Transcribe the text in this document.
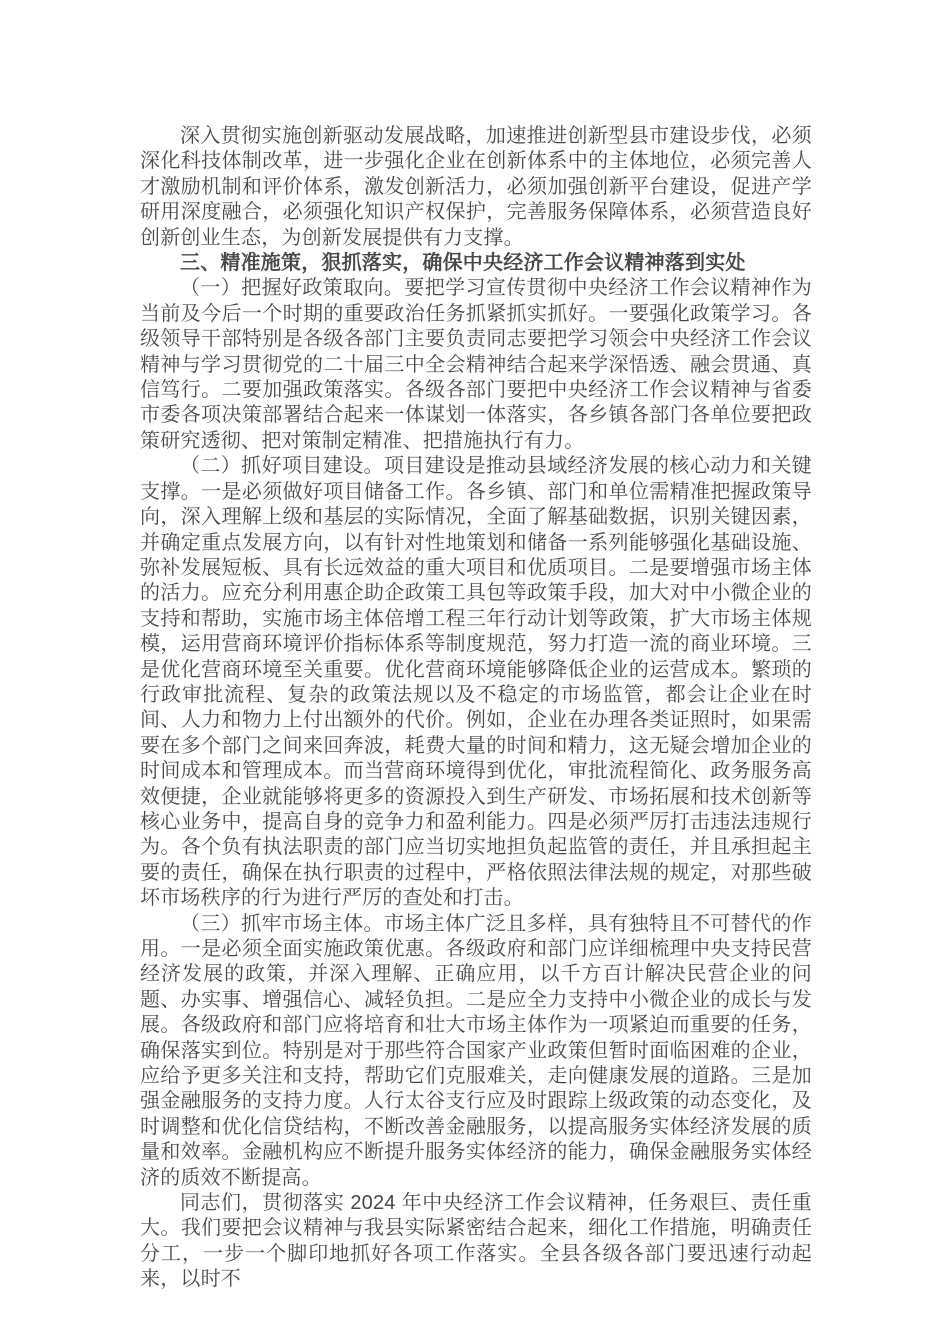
深入贯彻实施创新驱动发展战略，加速推进创新型县市建设步伐，必须深化科技体制改革，进一步强化企业在创新体系中的主体地位，必须完善人才激励机制和评价体系，激发创新活力，必须加强创新平台建设，促进产学研用深度融合，必须强化知识产权保护，完善服务保障体系，必须营造良好创新创业生态，为创新发展提供有力支撑。

三、精准施策，狠抓落实，确保中央经济工作会议精神落到实处

（一）把握好政策取向。要把学习宣传贯彻中央经济工作会议精神作为当前及今后一个时期的重要政治任务抓紧抓实抓好。一要强化政策学习。各级领导干部特别是各级各部门主要负责同志要把学习领会中央经济工作会议精神与学习贯彻党的二十届三中全会精神结合起来学深悟透、融会贯通、真信笃行。二要加强政策落实。各级各部门要把中央经济工作会议精神与省委市委各项决策部署结合起来一体谋划一体落实，各乡镇各部门各单位要把政策研究透彻、把对策制定精准、把措施执行有力。

（二）抓好项目建设。项目建设是推动县域经济发展的核心动力和关键支撑。一是必须做好项目储备工作。各乡镇、部门和单位需精准把握政策导向，深入理解上级和基层的实际情况，全面了解基础数据，识别关键因素，并确定重点发展方向，以有针对性地策划和储备一系列能够强化基础设施、弥补发展短板、具有长远效益的重大项目和优质项目。二是要增强市场主体的活力。应充分利用惠企助企政策工具包等政策手段，加大对中小微企业的支持和帮助，实施市场主体倍增工程三年行动计划等政策，扩大市场主体规模，运用营商环境评价指标体系等制度规范，努力打造一流的商业环境。三是优化营商环境至关重要。优化营商环境能够降低企业的运营成本。繁琐的行政审批流程、复杂的政策法规以及不稳定的市场监管，都会让企业在时间、人力和物力上付出额外的代价。例如，企业在办理各类证照时，如果需要在多个部门之间来回奔波，耗费大量的时间和精力，这无疑会增加企业的时间成本和管理成本。而当营商环境得到优化，审批流程简化、政务服务高效便捷，企业就能够将更多的资源投入到生产研发、市场拓展和技术创新等核心业务中，提高自身的竞争力和盈利能力。四是必须严厉打击违法违规行为。各个负有执法职责的部门应当切实地担负起监管的责任，并且承担起主要的责任，确保在执行职责的过程中，严格依照法律法规的规定，对那些破坏市场秩序的行为进行严厉的查处和打击。

（三）抓牢市场主体。市场主体广泛且多样，具有独特且不可替代的作用。一是必须全面实施政策优惠。各级政府和部门应详细梳理中央支持民营经济发展的政策，并深入理解、正确应用，以千方百计解决民营企业的问题、办实事、增强信心、减轻负担。二是应全力支持中小微企业的成长与发展。各级政府和部门应将培育和壮大市场主体作为一项紧迫而重要的任务，确保落实到位。特别是对于那些符合国家产业政策但暂时面临困难的企业，应给予更多关注和支持，帮助它们克服难关，走向健康发展的道路。三是加强金融服务的支持力度。人行太谷支行应及时跟踪上级政策的动态变化，及时调整和优化信贷结构，不断改善金融服务，以提高服务实体经济发展的质量和效率。金融机构应不断提升服务实体经济的能力，确保金融服务实体经济的质效不断提高。

同志们，贯彻落实 2024 年中央经济工作会议精神，任务艰巨、责任重大。我们要把会议精神与我县实际紧密结合起来，细化工作措施，明确责任分工，一步一个脚印地抓好各项工作落实。全县各级各部门要迅速行动起来，以时不
